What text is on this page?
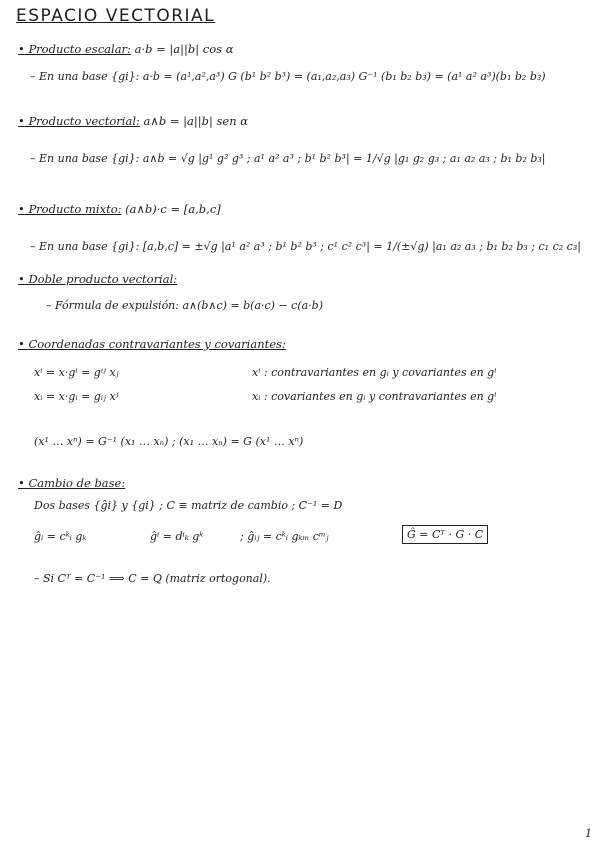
ESPACIO VECTORIAL
• Producto escalar: a·b = |a||b| cos α
– En una base {gi}: a·b = (a¹,a²,a³) G (b¹ b² b³) = (a₁,a₂,a₃) G⁻¹ (b₁ b₂ b₃) = (a¹ a² a³)(b₁ b₂ b₃)
• Producto vectorial: a∧b = |a||b| sen α
– En una base {gi}: a∧b = √g |g¹ g² g³ ; a¹ a² a³ ; b¹ b² b³| = 1/√g |g₁ g₂ g₃ ; a₁ a₂ a₃ ; b₁ b₂ b₃|
• Producto mixto: (a∧b)·c = [a,b,c]
– En una base {gi}: [a,b,c] = ±√g |a¹ a² a³ ; b¹ b² b³ ; c¹ c² c³| = 1/(±√g) |a₁ a₂ a₃ ; b₁ b₂ b₃ ; c₁ c₂ c₃|
• Doble producto vectorial:
– Fórmula de expulsión: a∧(b∧c) = b(a·c) − c(a·b)
• Coordenadas contravariantes y covariantes:
xⁱ = x·gⁱ = gⁱʲ xⱼ	xⁱ : contravariantes en gᵢ y covariantes en gⁱ
xᵢ = x·gᵢ = gᵢⱼ xʲ	xᵢ : covariantes en gᵢ y contravariantes en gⁱ
(x¹ … xⁿ) = G⁻¹ (x₁ … xₙ) ; (x₁ … xₙ) = G (x¹ … xⁿ)
• Cambio de base:
Dos bases {ĝi} y {gi} ; C ≡ matriz de cambio ; C⁻¹ = D
ĝᵢ = cᵏᵢ gₖ	ĝⁱ = dⁱₖ gᵏ	; ĝᵢⱼ = cᵏᵢ gₖₘ cᵐⱼ	Ĝ = Cᵀ · G · C
– Si Cᵀ = C⁻¹ ⟹ C = Q (matriz ortogonal).
1
